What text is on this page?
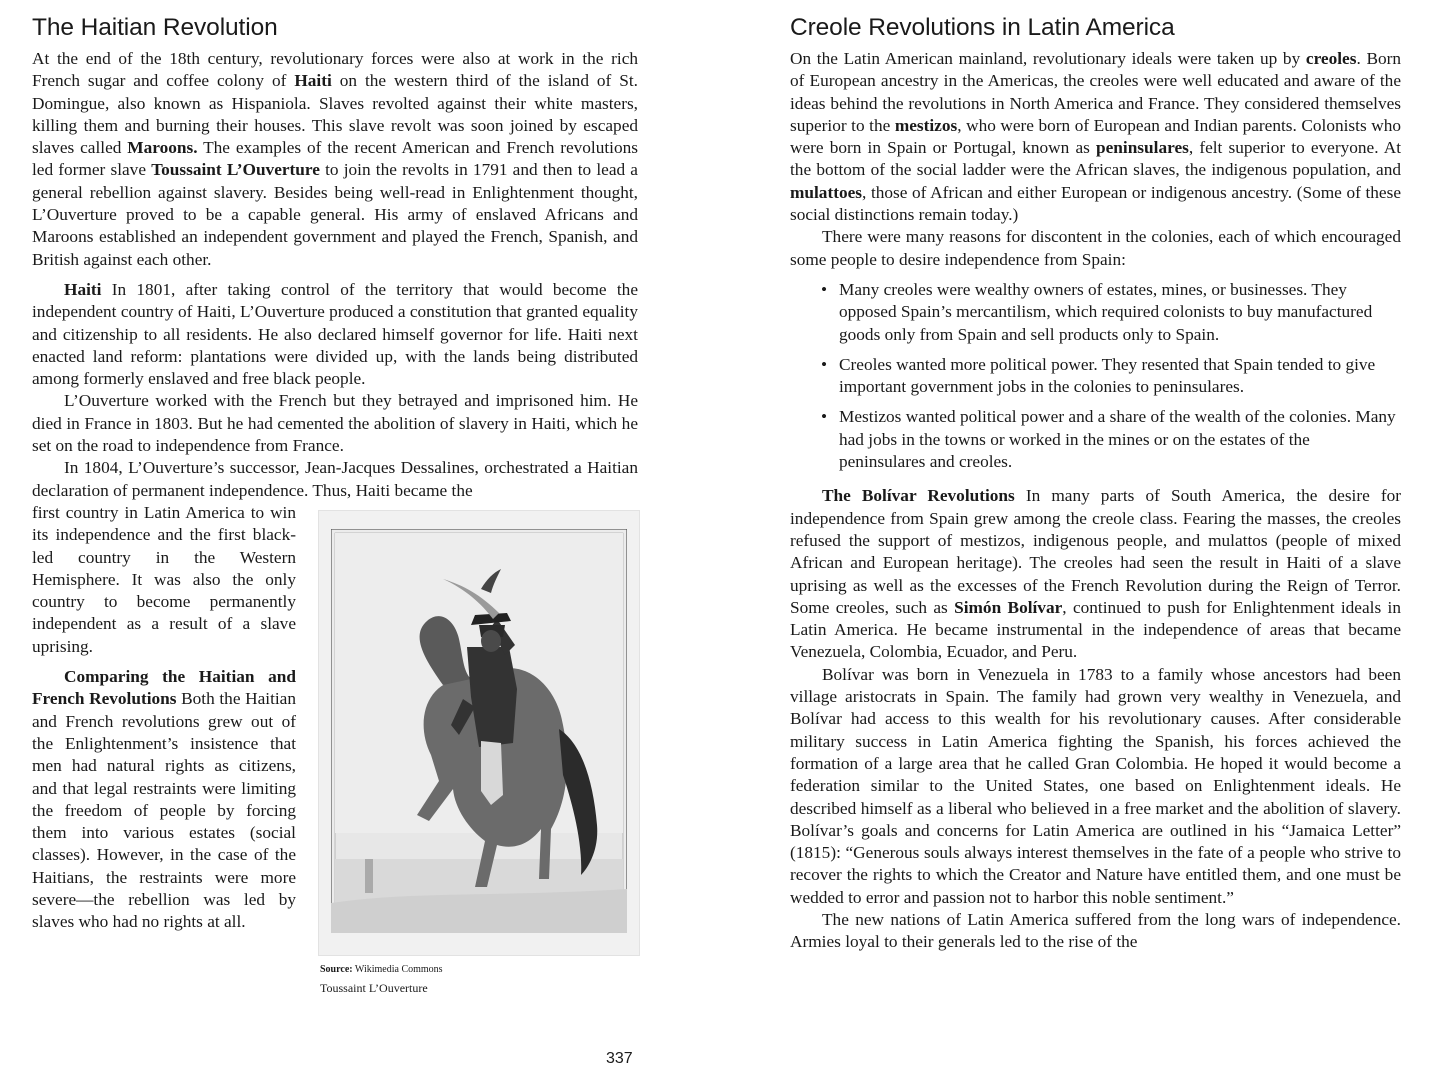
The Haitian Revolution

At the end of the 18th century, revolutionary forces were also at work in the rich French sugar and coffee colony of Haiti on the western third of the island of St. Domingue, also known as Hispaniola. Slaves revolted against their white masters, killing them and burning their houses. This slave revolt was soon joined by escaped slaves called Maroons. The examples of the recent American and French revolutions led former slave Toussaint L’Ouverture to join the revolts in 1791 and then to lead a general rebellion against slavery. Besides being well-read in Enlightenment thought, L’Ouverture proved to be a capable general. His army of enslaved Africans and Maroons established an independent government and played the French, Spanish, and British against each other.

Haiti In 1801, after taking control of the territory that would become the independent country of Haiti, L’Ouverture produced a constitution that granted equality and citizenship to all residents. He also declared himself governor for life. Haiti next enacted land reform: plantations were divided up, with the lands being distributed among formerly enslaved and free black people.

L’Ouverture worked with the French but they betrayed and imprisoned him. He died in France in 1803. But he had cemented the abolition of slavery in Haiti, which he set on the road to independence from France.

In 1804, L’Ouverture’s successor, Jean-Jacques Dessalines, orchestrated a Haitian declaration of permanent independence. Thus, Haiti became the

Source: Wikimedia Commons
Toussaint L’Ouverture

first country in Latin America to win its independence and the first black-led country in the Western Hemisphere. It was also the only country to become permanently independent as a result of a slave uprising.

Comparing the Haitian and French Revolutions Both the Haitian and French revolutions grew out of the Enlightenment’s insistence that men had natural rights as citizens, and that legal restraints were limiting the freedom of people by forcing them into various estates (social classes). However, in the case of the Haitians, the restraints were more severe—the rebellion was led by slaves who had no rights at all.

Creole Revolutions in Latin America

On the Latin American mainland, revolutionary ideals were taken up by creoles. Born of European ancestry in the Americas, the creoles were well educated and aware of the ideas behind the revolutions in North America and France. They considered themselves superior to the mestizos, who were born of European and Indian parents. Colonists who were born in Spain or Portugal, known as peninsulares, felt superior to everyone. At the bottom of the social ladder were the African slaves, the indigenous population, and mulattoes, those of African and either European or indigenous ancestry. (Some of these social distinctions remain today.)

There were many reasons for discontent in the colonies, each of which encouraged some people to desire independence from Spain:

• Many creoles were wealthy owners of estates, mines, or businesses. They opposed Spain’s mercantilism, which required colonists to buy manufactured goods only from Spain and sell products only to Spain.
• Creoles wanted more political power. They resented that Spain tended to give important government jobs in the colonies to peninsulares.
• Mestizos wanted political power and a share of the wealth of the colonies. Many had jobs in the towns or worked in the mines or on the estates of the peninsulares and creoles.

The Bolívar Revolutions In many parts of South America, the desire for independence from Spain grew among the creole class. Fearing the masses, the creoles refused the support of mestizos, indigenous people, and mulattos (people of mixed African and European heritage). The creoles had seen the result in Haiti of a slave uprising as well as the excesses of the French Revolution during the Reign of Terror. Some creoles, such as Simón Bolívar, continued to push for Enlightenment ideals in Latin America. He became instrumental in the independence of areas that became Venezuela, Colombia, Ecuador, and Peru.

Bolívar was born in Venezuela in 1783 to a family whose ancestors had been village aristocrats in Spain. The family had grown very wealthy in Venezuela, and Bolívar had access to this wealth for his revolutionary causes. After considerable military success in Latin America fighting the Spanish, his forces achieved the formation of a large area that he called Gran Colombia. He hoped it would become a federation similar to the United States, one based on Enlightenment ideals. He described himself as a liberal who believed in a free market and the abolition of slavery. Bolívar’s goals and concerns for Latin America are outlined in his “Jamaica Letter” (1815): “Generous souls always interest themselves in the fate of a people who strive to recover the rights to which the Creator and Nature have entitled them, and one must be wedded to error and passion not to harbor this noble sentiment.”

The new nations of Latin America suffered from the long wars of independence. Armies loyal to their generals led to the rise of the

337
